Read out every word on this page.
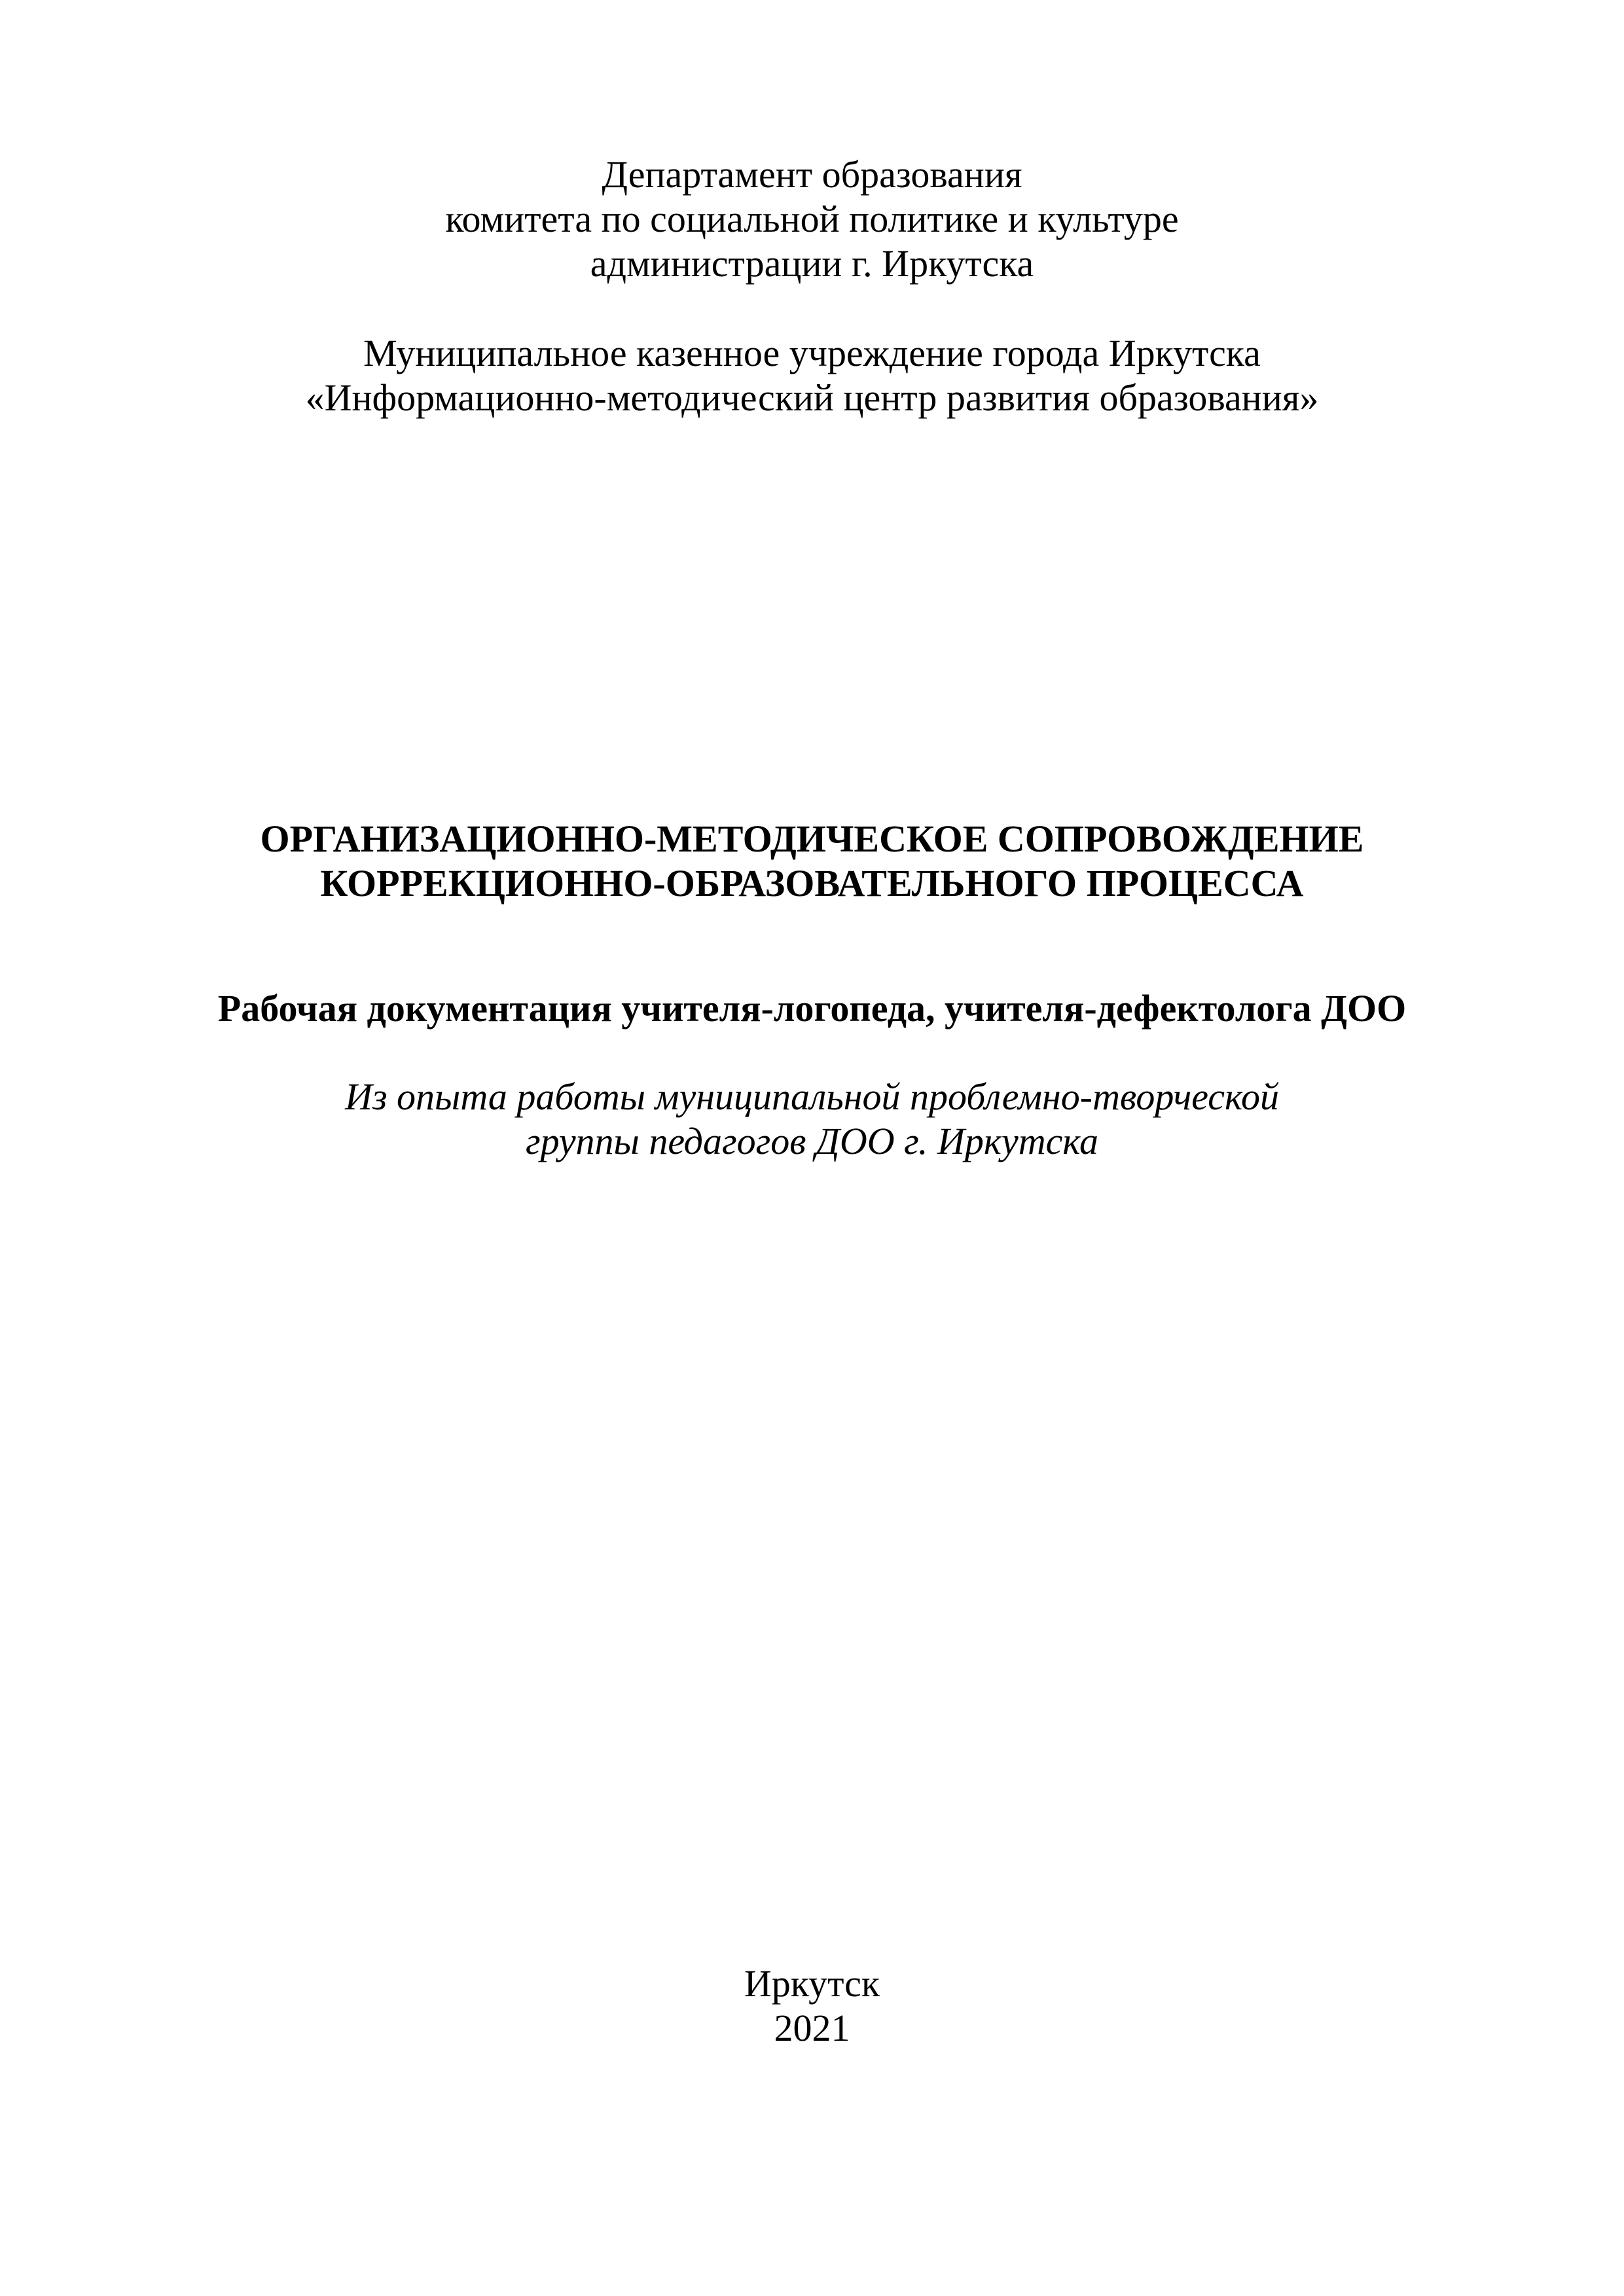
Департамент образования
комитета по социальной политике и культуре
администрации г. Иркутска
Муниципальное казенное учреждение города Иркутска
«Информационно-методический центр развития образования»
ОРГАНИЗАЦИОННО-МЕТОДИЧЕСКОЕ СОПРОВОЖДЕНИЕ
КОРРЕКЦИОННО-ОБРАЗОВАТЕЛЬНОГО ПРОЦЕССА
Рабочая документация учителя-логопеда, учителя-дефектолога ДОО
Из опыта работы муниципальной проблемно-творческой
группы педагогов ДОО г. Иркутска
Иркутск
2021
